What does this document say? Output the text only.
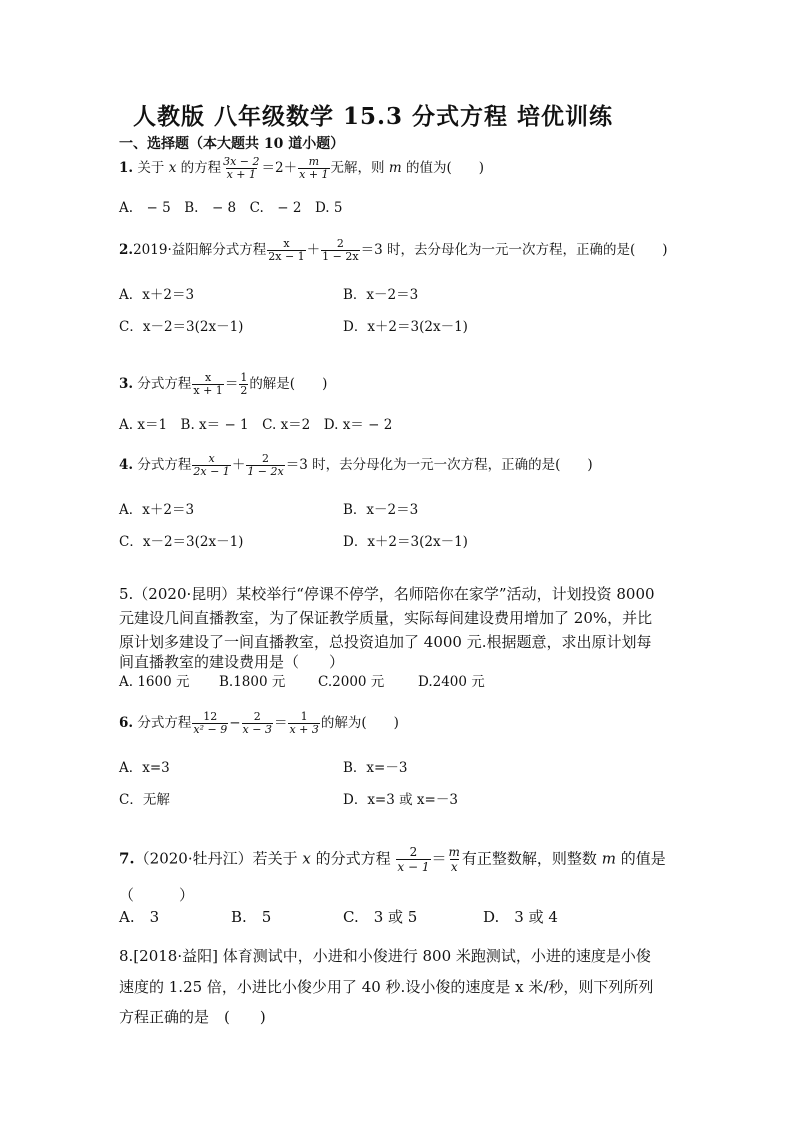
人教版 八年级数学 15.3 分式方程 培优训练
一、选择题（本大题共 10 道小题）
1. 关于 x 的方程 $\frac{3x - 2}{x + 1} =2+ \frac{m}{x + 1}$ 无解，则 m 的值为(　　)
A.　− 5　B.　− 8　C.　− 2　D. 5
2.2019·益阳解分式方程 $\frac{x}{2x - 1} + \frac{2}{1 - 2x} =3$ 时，去分母化为一元一次方程，正确的是(　　)
A．x＋2＝3	B．x－2＝3
C．x－2＝3(2x－1)	D．x＋2＝3(2x－1)
3. 分式方程 $\frac{x}{x + 1} = \frac{1}{2}$ 的解是(　　)
A. x＝1　B. x＝ − 1　C. x＝2　D. x＝ − 2
4. 分式方程 $\frac{x}{2x - 1} + \frac{2}{1 - 2x} =3$ 时，去分母化为一元一次方程，正确的是(　　)
A．x＋2＝3	B．x－2＝3
C．x－2＝3(2x－1)	D．x＋2＝3(2x－1)
5.（2020·昆明）某校举行“停课不停学，名师陪你在家学”活动，计划投资 8000
元建设几间直播教室，为了保证教学质量，实际每间建设费用增加了 20%，并比
原计划多建设了一间直播教室，总投资追加了 4000 元.根据题意，求出原计划每
间直播教室的建设费用是（　　）
A. 1600 元 B.1800 元 C.2000 元 D.2400 元
6. 分式方程 $\frac{12}{\text{x² − 9}} - \frac{2}{x - 3} = \frac{1}{x + 3}$ 的解为(　　)
A．x=3	B．x=－3
C．无解	D．x=3 或 x=－3
7.（2020·牡丹江）若关于 x 的分式方程 $\frac{2}{x - 1} = \frac{m}{x}$ 有正整数解，则整数 m 的值是
（　　　）
A.　3	B.　5	C.　3 或 5	D.　3 或 4
8.[2018·益阳] 体育测试中，小进和小俊进行 800 米跑测试，小进的速度是小俊
速度的 1.25 倍，小进比小俊少用了 40 秒.设小俊的速度是 x 米/秒，则下列所列
方程正确的是　(　　)
